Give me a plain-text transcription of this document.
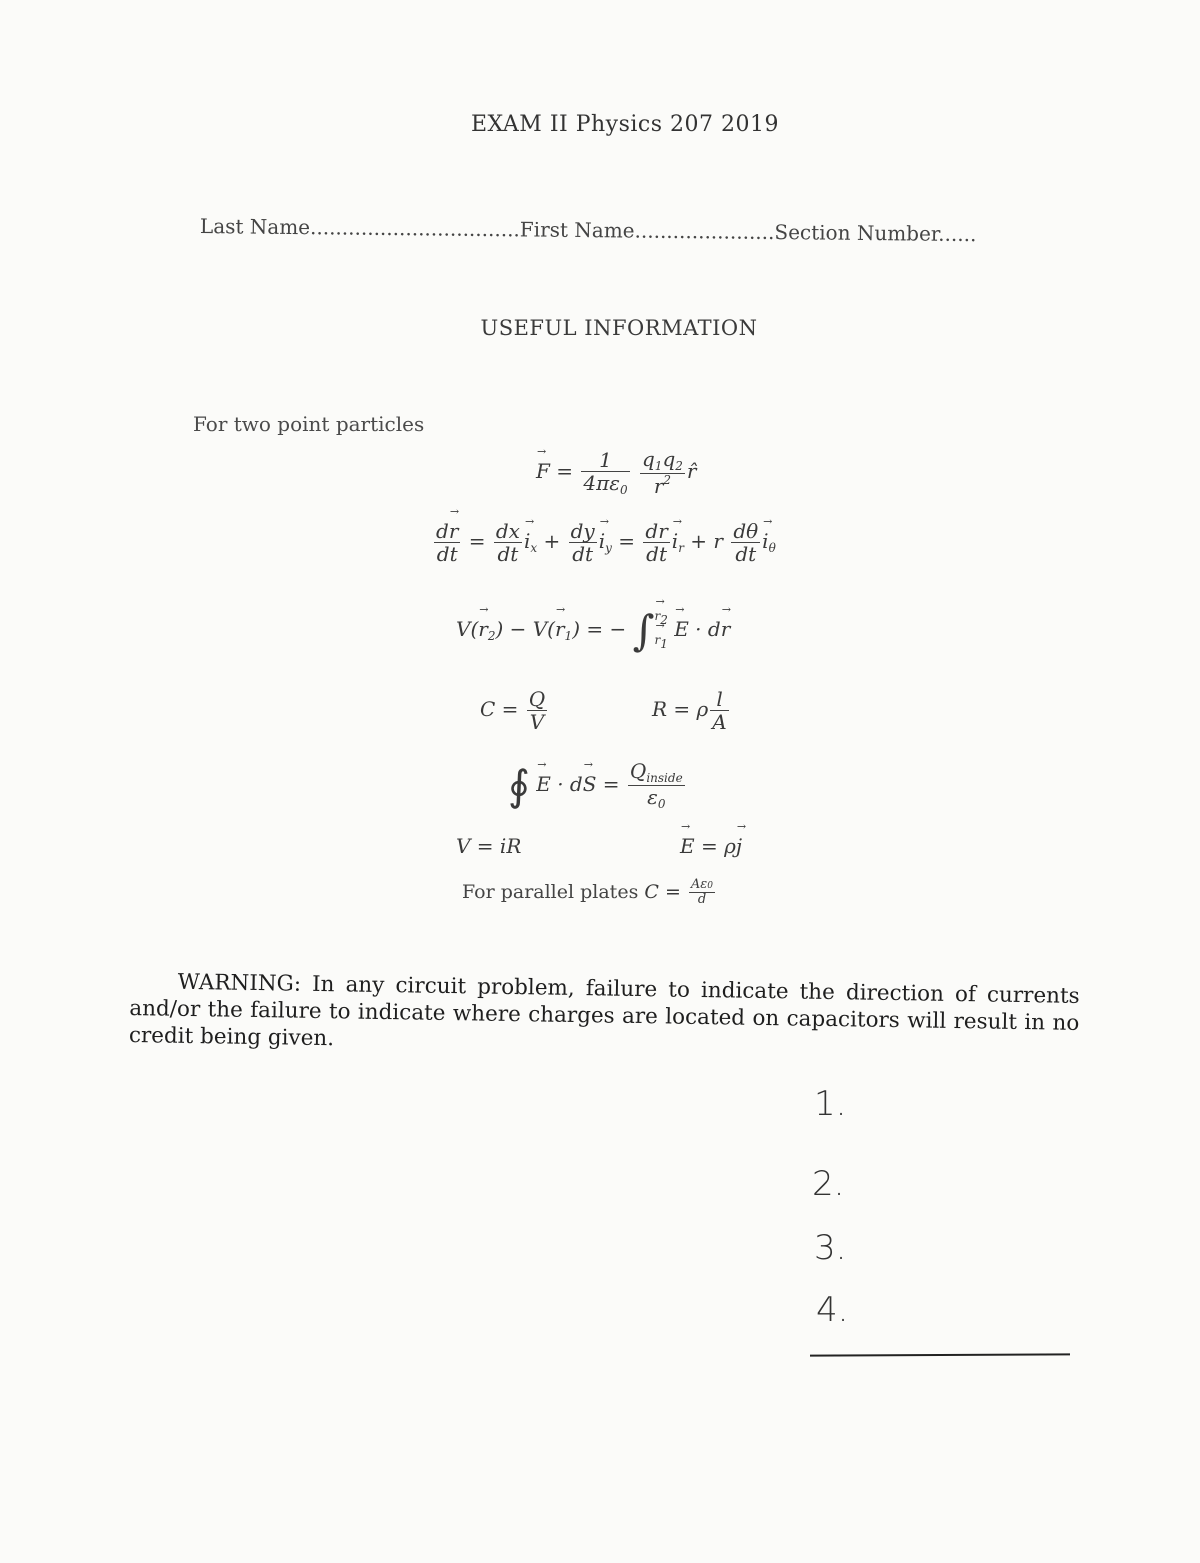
EXAM II Physics 207 2019
Last Name.................................First Name......................Section Number......
USEFUL INFORMATION
For two point particles
→ $F = \frac{1}{4\pi\varepsilon_0}$
$\frac{q_1q_2}{r^2}$ r̂
$\frac{d\to r}{dt} = \frac{dx}{dt}$
→ $i_x + \frac{dy}{dt}$
→ $i_y = \frac{dr}{dt}$
→ $i_r + r \frac{d\theta}{dt}$
→ $i_\theta$
$V(\to r_2) - V(\to r_1)$ = − ∫
→ r2
→ r1
→ E · d→ r
$C = \frac{Q}{V}$	R = ρ $\frac{l}{A}$
∮ → $E \cdot d\to S = \frac{Q_{inside}}{\varepsilon_0}$
V = iR
→	E = ρ→ j
For parallel plates $C = \frac{A\varepsilon 0}{d}$
WARNING: In any circuit problem, failure to indicate the direction of currents and/or the failure to indicate where charges are located on capacitors will result in no credit being given.
1.
2.
3.
4.
